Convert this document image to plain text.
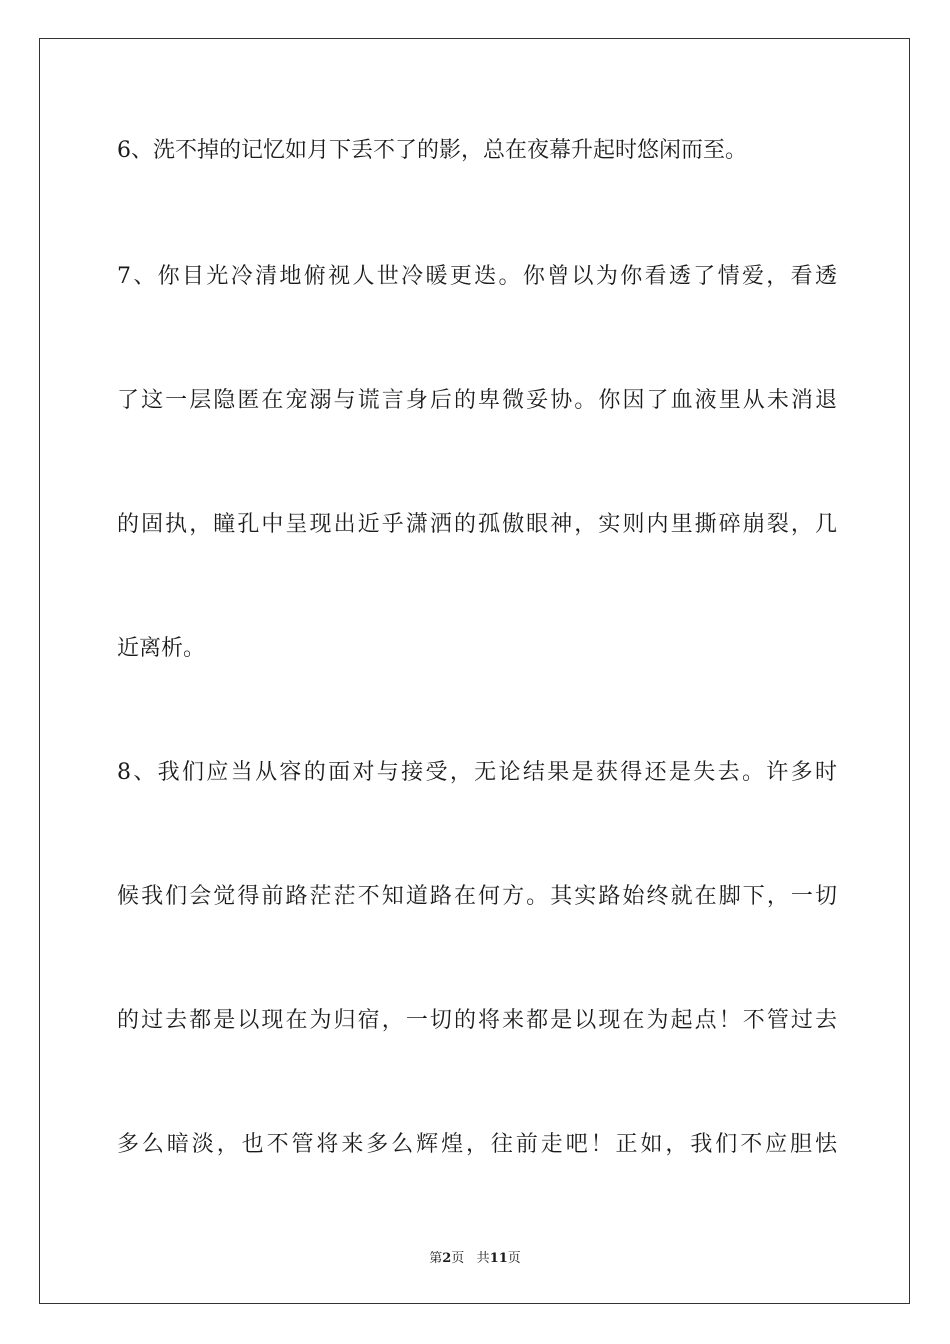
6、洗不掉的记忆如月下丢不了的影，总在夜幕升起时悠闲而至。
7、你目光冷清地俯视人世冷暖更迭。你曾以为你看透了情爱，看透
了这一层隐匿在宠溺与谎言身后的卑微妥协。你因了血液里从未消退
的固执，瞳孔中呈现出近乎潇洒的孤傲眼神，实则内里撕碎崩裂，几
近离析。
8、我们应当从容的面对与接受，无论结果是获得还是失去。许多时
候我们会觉得前路茫茫不知道路在何方。其实路始终就在脚下，一切
的过去都是以现在为归宿，一切的将来都是以现在为起点！不管过去
多么暗淡，也不管将来多么辉煌，往前走吧！正如，我们不应胆怯
第2页 共11页
